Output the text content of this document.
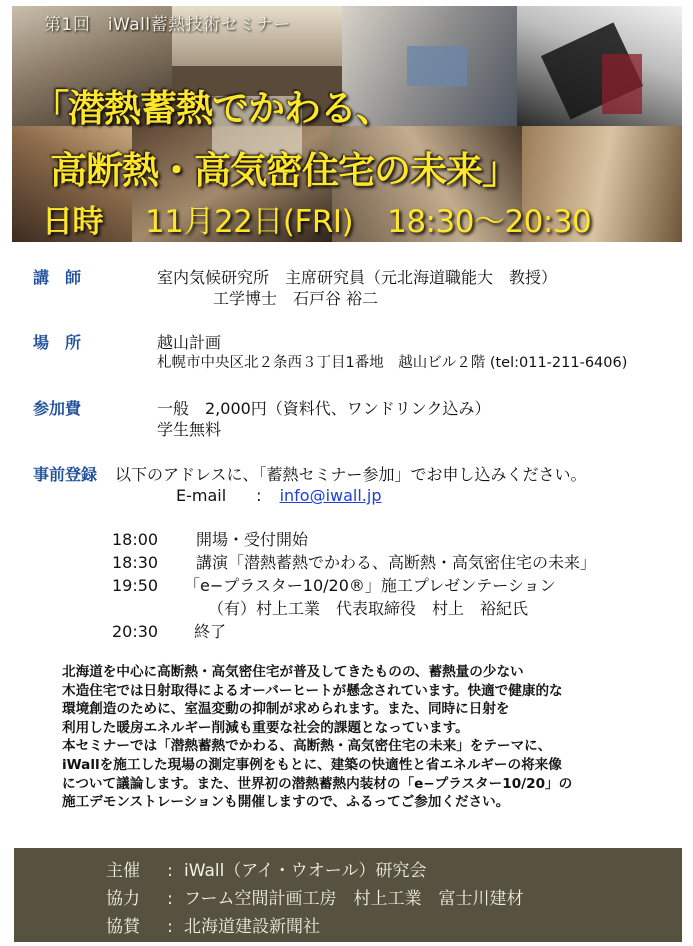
第1回　iWall蓄熱技術セミナー
「潜熱蓄熱でかわる、
高断熱・高気密住宅の未来」
日時 11月22日(FRI) 18:30〜20:30
講　師	室内気候研究所　主席研究員（元北海道職能大　教授）
工学博士　石戸谷 裕二
場　所	越山計画
札幌市中央区北２条西３丁目1番地　越山ビル２階 (tel:011-211-6406)
参加費	一般　2,000円（資料代、ワンドリンク込み）
学生無料
事前登録 以下のアドレスに、「蓄熱セミナー参加」でお申し込みください。
E-mail : info@iwall.jp
18:00 開場・受付開始
18:30 講演「潜熱蓄熱でかわる、高断熱・高気密住宅の未来」
19:50 「e−プラスター10/20®」施工プレゼンテーション
（有）村上工業　代表取締役　村上　裕紀氏
20:30 終了
北海道を中心に高断熱・高気密住宅が普及してきたものの、蓄熱量の少ない
木造住宅では日射取得によるオーバーヒートが懸念されています。快適で健康的な
環境創造のために、室温変動の抑制が求められます。また、同時に日射を
利用した暖房エネルギー削減も重要な社会的課題となっています。
本セミナーでは「潜熱蓄熱でかわる、高断熱・高気密住宅の未来」をテーマに、
iWallを施工した現場の測定事例をもとに、建築の快適性と省エネルギーの将来像
について議論します。また、世界初の潜熱蓄熱内装材の「e−プラスター10/20」の
施工デモンストレーションも開催しますので、ふるってご参加ください。
主催 : iWall（アイ・ウオール）研究会
協力 : フーム空間計画工房　村上工業　富士川建材
協賛 : 北海道建設新聞社
